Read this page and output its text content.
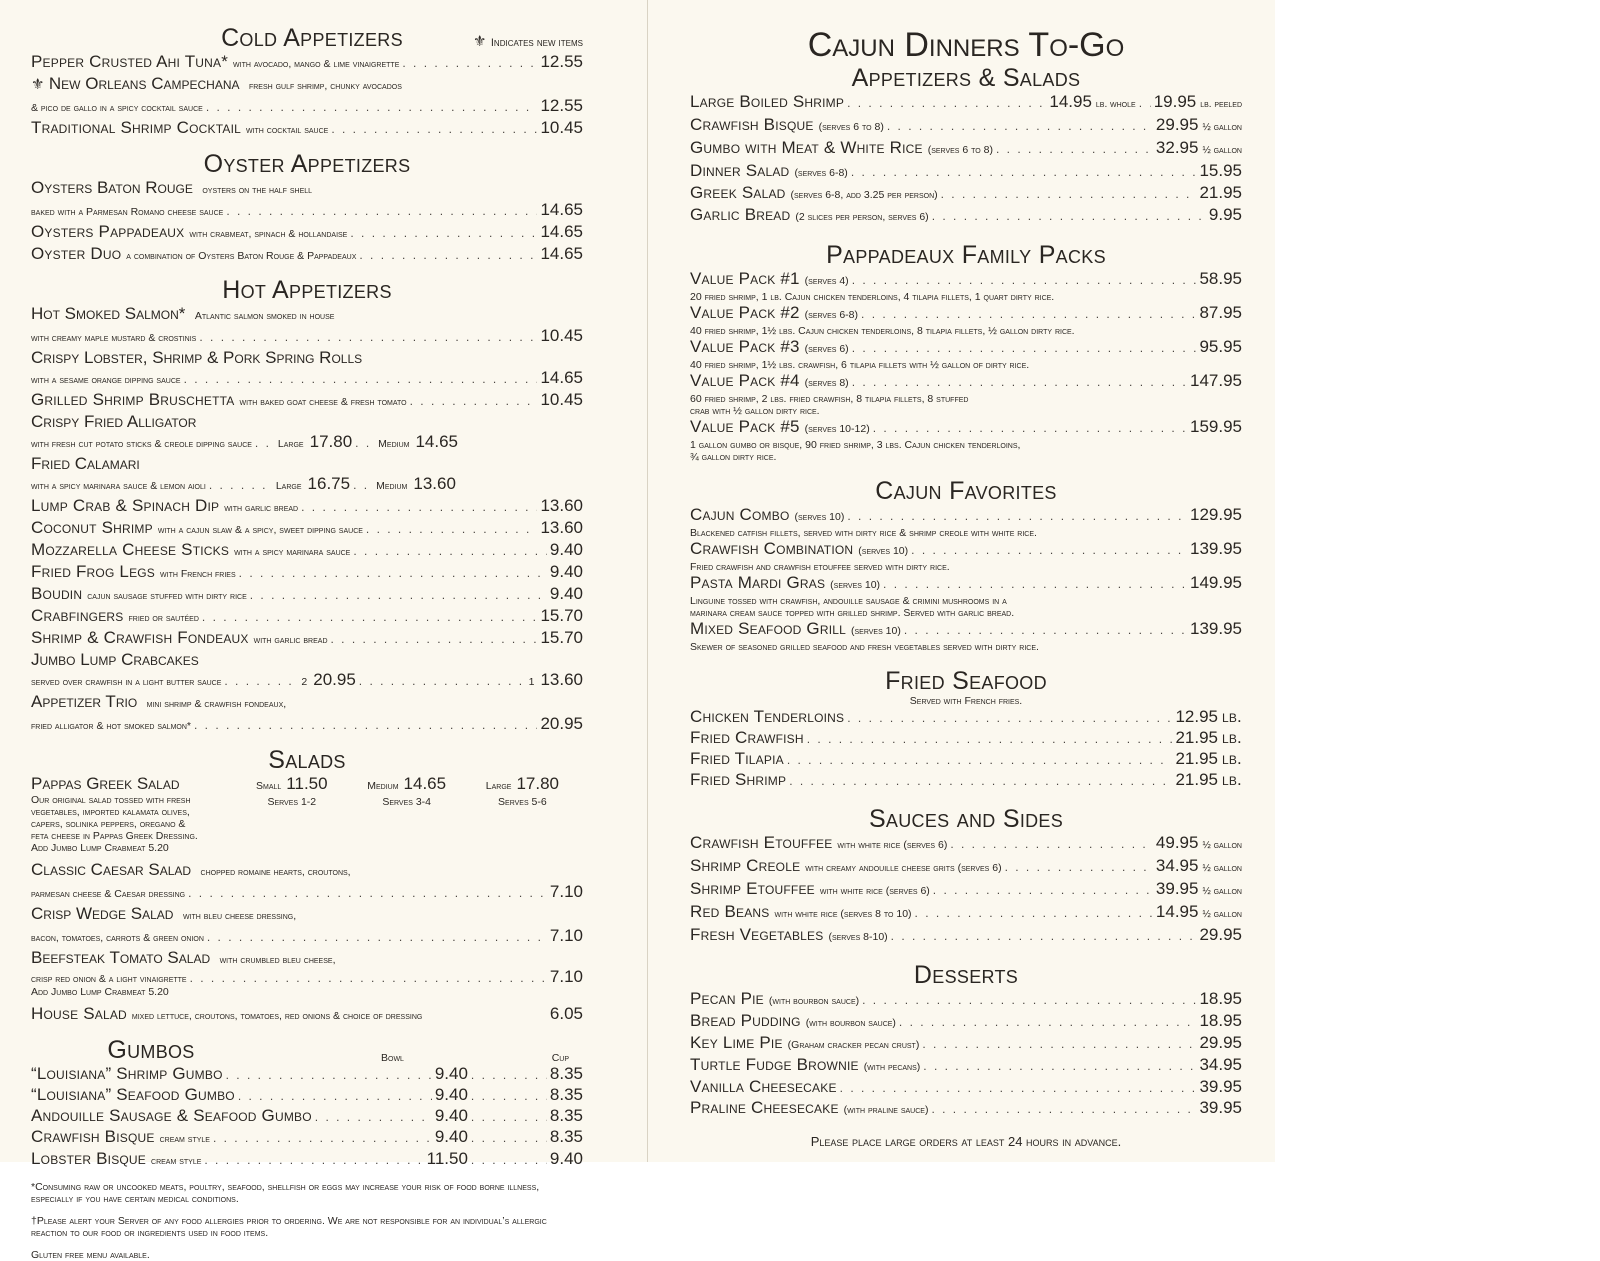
Cold Appetizers	⚜ Indicates new items
Pepper Crusted Ahi Tuna* with avocado, mango & lime vinaigrette . . .	12.55
⚜ New Orleans Campechana fresh gulf shrimp, chunky avocados
& pico de gallo in a spicy cocktail sauce . . .	12.55
Traditional Shrimp Cocktail with cocktail sauce . . .	10.45
Oyster Appetizers
Oysters Baton Rouge oysters on the half shell
baked with a Parmesan Romano cheese sauce . . .	14.65
Oysters Pappadeaux with crabmeat, spinach & hollandaise . . .	14.65
Oyster Duo a combination of Oysters Baton Rouge & Pappadeaux . . .	14.65
Hot Appetizers
Hot Smoked Salmon* Atlantic salmon smoked in house
with creamy maple mustard & crostinis . . .	10.45
Crispy Lobster, Shrimp & Pork Spring Rolls
with a sesame orange dipping sauce . . .	14.65
Grilled Shrimp Bruschetta with baked goat cheese & fresh tomato . . .	10.45
Crispy Fried Alligator
with fresh cut potato sticks & creole dipping sauce . . . Large 17.80 . . . Medium 14.65
Fried Calamari
with a spicy marinara sauce & lemon aioli . . .	Large 16.75 . . . Medium 13.60
Lump Crab & Spinach Dip with garlic bread . . .	13.60
Coconut Shrimp with a cajun slaw & a spicy, sweet dipping sauce . . .	13.60
Mozzarella Cheese Sticks with a spicy marinara sauce . . .	9.40
Fried Frog Legs with French fries . . .	9.40
Boudin cajun sausage stuffed with dirty rice . . .	9.40
Crabfingers fried or sautéed . . .	15.70
Shrimp & Crawfish Fondeaux with garlic bread . . .	15.70
Jumbo Lump Crabcakes
served over crawfish in a light butter sauce . . .	2 20.95 . . .	1 13.60
Appetizer Trio mini shrimp & crawfish fondeaux,
fried alligator & hot smoked salmon* . . .	20.95
Salads
Pappas Greek Salad
Our original salad tossed with fresh
vegetables, imported kalamata olives,
capers, solinika peppers, oregano &
feta cheese in Pappas Greek Dressing.
Add Jumbo Lump Crabmeat 5.20
Small 11.50
Serves 1-2
Medium 14.65
Serves 3-4
Large 17.80
Serves 5-6
Classic Caesar Salad chopped romaine hearts, croutons,
parmesan cheese & Caesar dressing . . .	7.10
Crisp Wedge Salad with bleu cheese dressing,
bacon, tomatoes, carrots & green onion . . .	7.10
Beefsteak Tomato Salad with crumbled bleu cheese,
crisp red onion & a light vinaigrette . . .	7.10
Add Jumbo Lump Crabmeat 5.20
House Salad mixed lettuce, croutons, tomatoes, red onions & choice of dressing	6.05
Gumbos	Bowl	Cup
“Louisiana” Shrimp Gumbo . . .	9.40 . . .	8.35
“Louisiana” Seafood Gumbo . . .	9.40 . . .	8.35
Andouille Sausage & Seafood Gumbo . . .	9.40 . . .	8.35
Crawfish Bisque cream style . . .	9.40 . . .	8.35
Lobster Bisque cream style . . .	11.50 . . .	9.40
*Consuming raw or uncooked meats, poultry, seafood, shellfish or eggs may increase your risk of food borne illness, especially if you have certain medical conditions.
†Please alert your Server of any food allergies prior to ordering. We are not responsible for an individual’s allergic reaction to our food or ingredients used in food items.
Gluten free menu available.
Cajun Dinners To-Go
Appetizers & Salads
Large Boiled Shrimp . . .	14.95 lb. whole . . . 19.95 lb. peeled
Crawfish Bisque (serves 6 to 8) . . .	29.95 ½ gallon
Gumbo with Meat & White Rice (serves 6 to 8) . . .	32.95 ½ gallon
Dinner Salad (serves 6-8) . . .	15.95
Greek Salad (serves 6-8, add 3.25 per person) . . .	21.95
Garlic Bread (2 slices per person, serves 6) . . .	9.95
Pappadeaux Family Packs
Value Pack #1 (serves 4) . . .	58.95
20 fried shrimp, 1 lb. Cajun chicken tenderloins, 4 tilapia fillets, 1 quart dirty rice.
Value Pack #2 (serves 6-8) . . .	87.95
40 fried shrimp, 1½ lbs. Cajun chicken tenderloins, 8 tilapia fillets, ½ gallon dirty rice.
Value Pack #3 (serves 6) . . .	95.95
40 fried shrimp, 1½ lbs. crawfish, 6 tilapia fillets with ½ gallon of dirty rice.
Value Pack #4 (serves 8) . . .	147.95
60 fried shrimp, 2 lbs. fried crawfish, 8 tilapia fillets, 8 stuffed
crab with ½ gallon dirty rice.
Value Pack #5 (serves 10-12) . . .	159.95
1 gallon gumbo or bisque, 90 fried shrimp, 3 lbs. Cajun chicken tenderloins,
¾ gallon dirty rice.
Cajun Favorites
Cajun Combo (serves 10) . . .	129.95
Blackened catfish fillets, served with dirty rice & shrimp creole with white rice.
Crawfish Combination (serves 10) . . .	139.95
Fried crawfish and crawfish etouffee served with dirty rice.
Pasta Mardi Gras (serves 10) . . .	149.95
Linguine tossed with crawfish, andouille sausage & crimini mushrooms in a
marinara cream sauce topped with grilled shrimp. Served with garlic bread.
Mixed Seafood Grill (serves 10) . . .	139.95
Skewer of seasoned grilled seafood and fresh vegetables served with dirty rice.
Fried Seafood
Served with French fries.
Chicken Tenderloins . . .	12.95 lb.
Fried Crawfish . . .	21.95 lb.
Fried Tilapia . . .	21.95 lb.
Fried Shrimp . . .	21.95 lb.
Sauces and Sides
Crawfish Etouffee with white rice (serves 6) . . .	49.95 ½ gallon
Shrimp Creole with creamy andouille cheese grits (serves 6) . . .	34.95 ½ gallon
Shrimp Etouffee with white rice (serves 6) . . .	39.95 ½ gallon
Red Beans with white rice (serves 8 to 10) . . .	14.95 ½ gallon
Fresh Vegetables (serves 8-10) . . .	29.95
Desserts
Pecan Pie (with bourbon sauce) . . .	18.95
Bread Pudding (with bourbon sauce) . . .	18.95
Key Lime Pie (Graham cracker pecan crust) . . .	29.95
Turtle Fudge Brownie (with pecans) . . .	34.95
Vanilla Cheesecake . . .	39.95
Praline Cheesecake (with praline sauce) . . .	39.95
Please place large orders at least 24 hours in advance.
